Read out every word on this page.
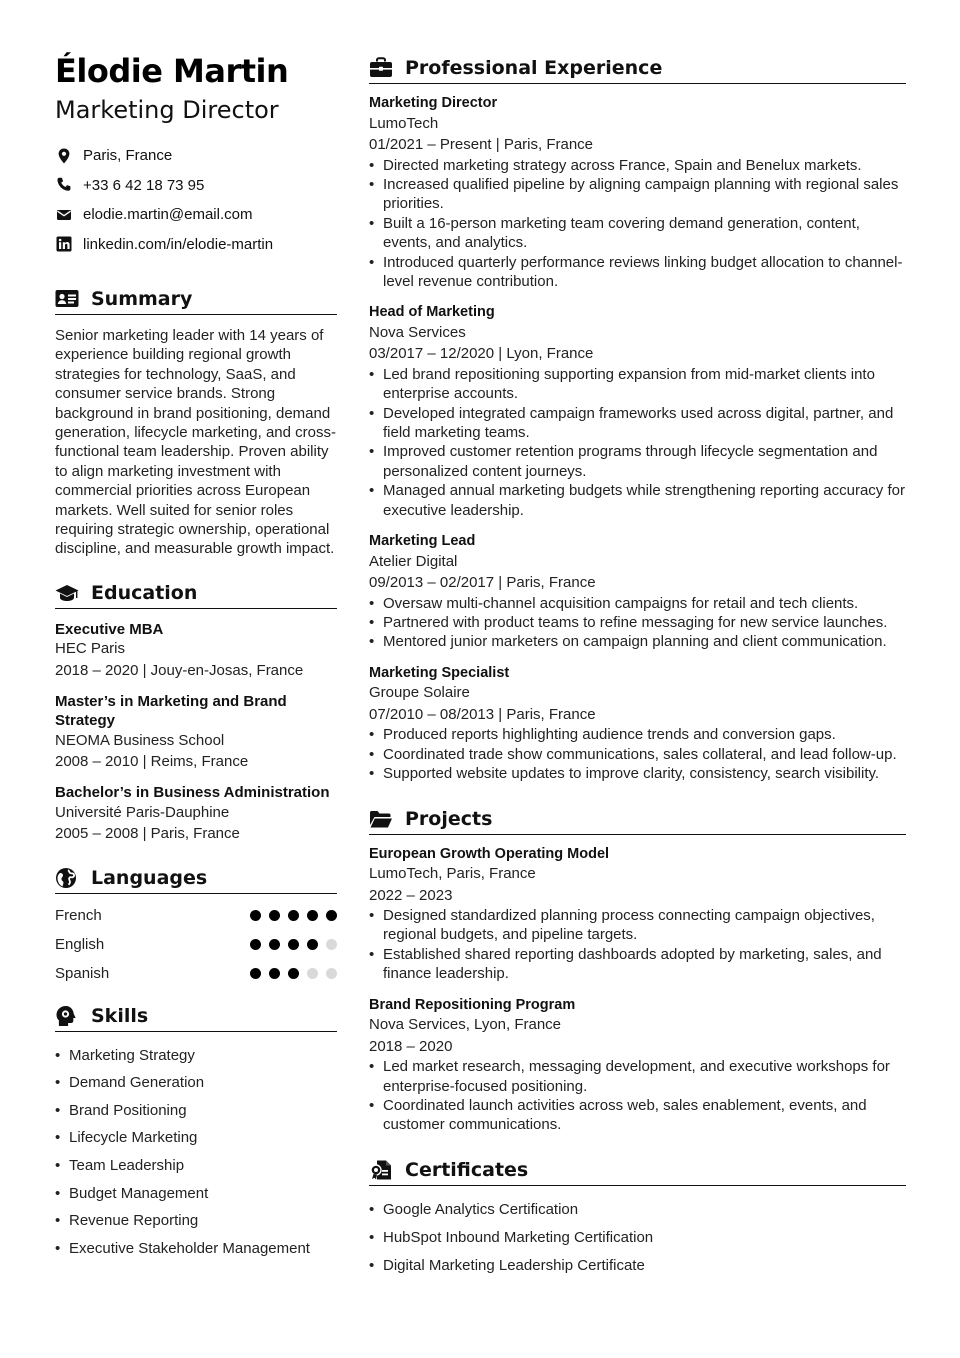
Élodie Martin
Marketing Director
Paris, France
+33 6 42 18 73 95
elodie.martin@email.com
linkedin.com/in/elodie-martin
Summary

Senior marketing leader with 14 years of experience building regional growth strategies for technology, SaaS, and consumer service brands. Strong background in brand positioning, demand generation, lifecycle marketing, and cross-functional team leadership. Proven ability to align marketing investment with commercial priorities across European markets. Well suited for senior roles requiring strategic ownership, operational discipline, and measurable growth impact.

Education
Executive MBA
HEC Paris
2018 – 2020 | Jouy-en-Josas, France
Master’s in Marketing and Brand Strategy
NEOMA Business School
2008 – 2010 | Reims, France
Bachelor’s in Business Administration
Université Paris-Dauphine
2005 – 2008 | Paris, France
Languages
French
English
Spanish
Skills
• Marketing Strategy
• Demand Generation
• Brand Positioning
• Lifecycle Marketing
• Team Leadership
• Budget Management
• Revenue Reporting
• Executive Stakeholder Management
Professional Experience
Marketing Director
LumoTech
01/2021 – Present | Paris, France
• Directed marketing strategy across France, Spain and Benelux markets.
• Increased qualified pipeline by aligning campaign planning with regional sales priorities.
• Built a 16-person marketing team covering demand generation, content, events, and analytics.
• Introduced quarterly performance reviews linking budget allocation to channel-level revenue contribution.
Head of Marketing
Nova Services
03/2017 – 12/2020 | Lyon, France
• Led brand repositioning supporting expansion from mid-market clients into enterprise accounts.
• Developed integrated campaign frameworks used across digital, partner, and field marketing teams.
• Improved customer retention programs through lifecycle segmentation and personalized content journeys.
• Managed annual marketing budgets while strengthening reporting accuracy for executive leadership.
Marketing Lead
Atelier Digital
09/2013 – 02/2017 | Paris, France
• Oversaw multi-channel acquisition campaigns for retail and tech clients.
• Partnered with product teams to refine messaging for new service launches.
• Mentored junior marketers on campaign planning and client communication.
Marketing Specialist
Groupe Solaire
07/2010 – 08/2013 | Paris, France
• Produced reports highlighting audience trends and conversion gaps.
• Coordinated trade show communications, sales collateral, and lead follow-up.
• Supported website updates to improve clarity, consistency, search visibility.
Projects
European Growth Operating Model
LumoTech, Paris, France
2022 – 2023
• Designed standardized planning process connecting campaign objectives, regional budgets, and pipeline targets.
• Established shared reporting dashboards adopted by marketing, sales, and finance leadership.
Brand Repositioning Program
Nova Services, Lyon, France
2018 – 2020
• Led market research, messaging development, and executive workshops for enterprise-focused positioning.
• Coordinated launch activities across web, sales enablement, events, and customer communications.
Certificates
• Google Analytics Certification
• HubSpot Inbound Marketing Certification
• Digital Marketing Leadership Certificate
